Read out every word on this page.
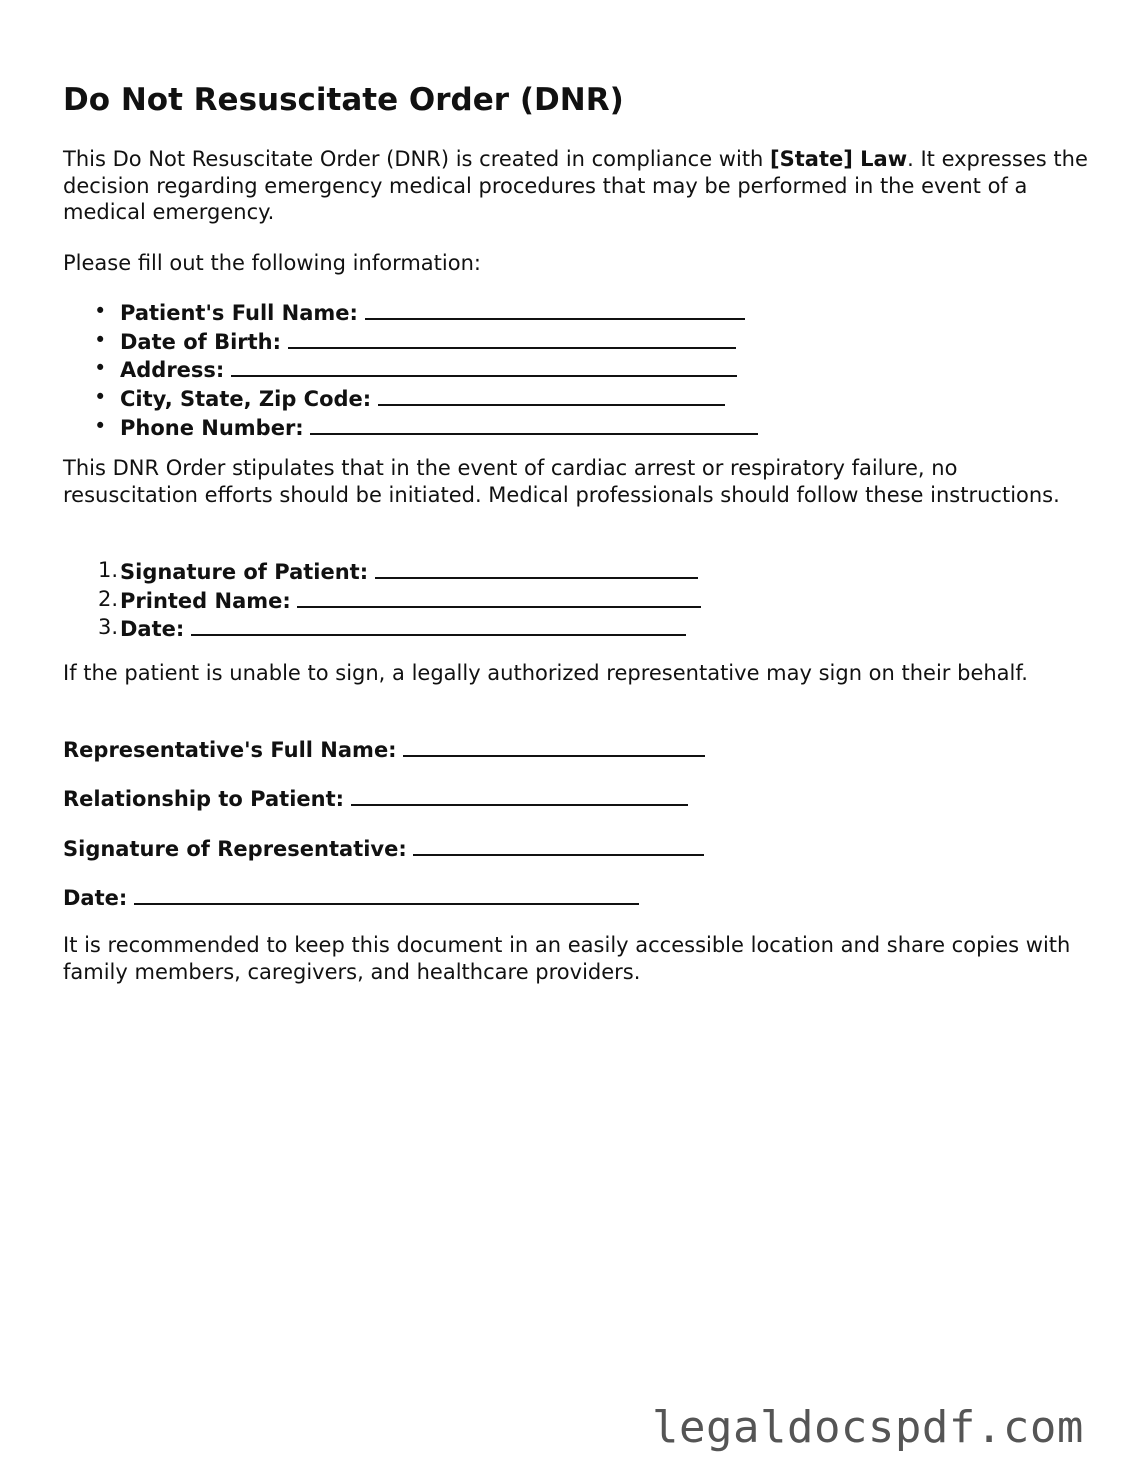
Do Not Resuscitate Order (DNR)

This Do Not Resuscitate Order (DNR) is created in compliance with [State] Law. It expresses the decision regarding emergency medical procedures that may be performed in the event of a medical emergency.

Please fill out the following information:

• Patient's Full Name:
• Date of Birth:
• Address:
• City, State, Zip Code:
• Phone Number:

This DNR Order stipulates that in the event of cardiac arrest or respiratory failure, no resuscitation efforts should be initiated. Medical professionals should follow these instructions.

1. Signature of Patient:
2. Printed Name:
3. Date:

If the patient is unable to sign, a legally authorized representative may sign on their behalf.

Representative's Full Name:
Relationship to Patient:
Signature of Representative:
Date:

It is recommended to keep this document in an easily accessible location and share copies with family members, caregivers, and healthcare providers.

legaldocspdf.com
